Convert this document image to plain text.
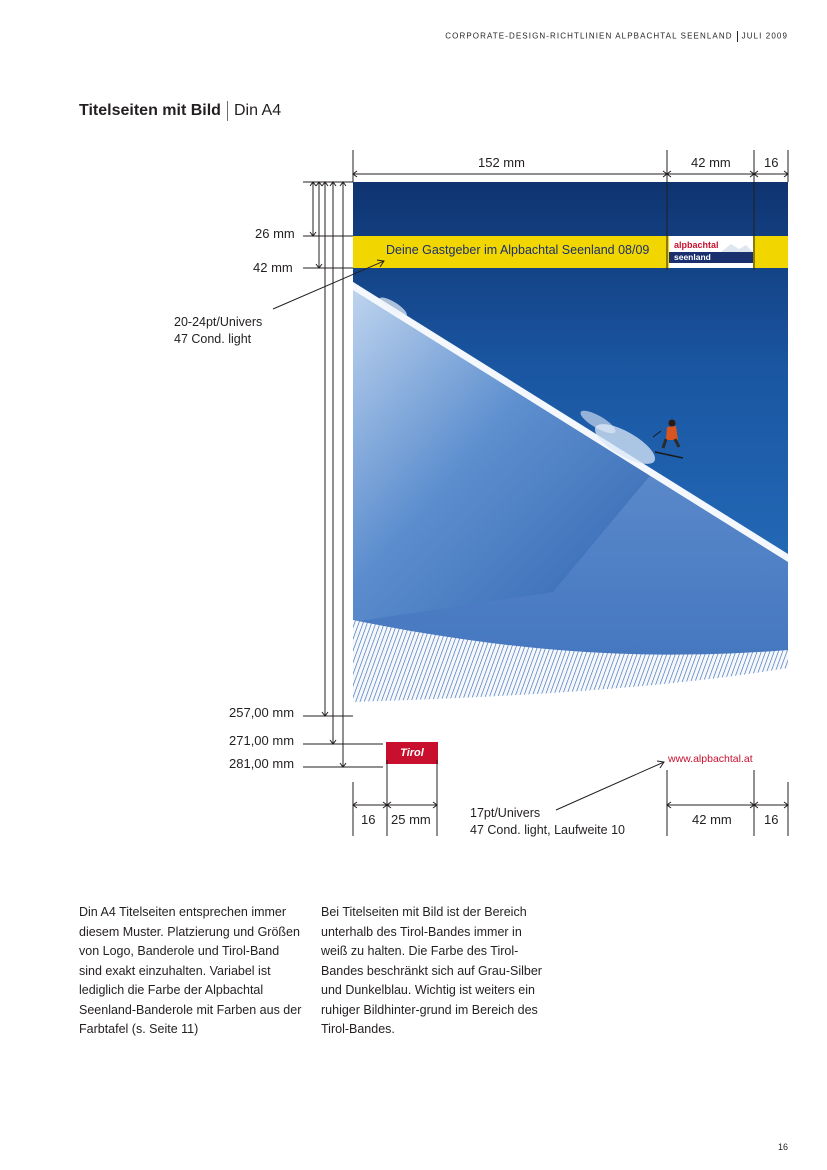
CORPORATE-DESIGN-RICHTLINIEN ALPBACHTAL SEENLAND JULI 2009
Titelseiten mit Bild Din A4
Deine Gastgeber im Alpbachtal Seenland 08/09	alpbachtal
seenland
Tirol	www.alpbachtal.at
152 mm	42 mm	16
26 mm
42 mm
257,00 mm
271,00 mm
281,00 mm
16 25 mm	42 mm 16
20-24pt/Univers
47 Cond. light
17pt/Univers
47 Cond. light, Laufweite 10
Din A4 Titelseiten entsprechen immer diesem Muster. Platzierung und Größen von Logo, Banderole und Tirol-Band sind exakt einzuhalten. Variabel ist lediglich die Farbe der Alpbachtal Seenland-Banderole mit Farben aus der Farbtafel (s. Seite 11)
Bei Titelseiten mit Bild ist der Bereich unterhalb des Tirol-Bandes immer in weiß zu halten. Die Farbe des Tirol-Bandes beschränkt sich auf Grau-Silber und Dunkelblau. Wichtig ist weiters ein ruhiger Bildhinter-grund im Bereich des Tirol-Bandes.
16
